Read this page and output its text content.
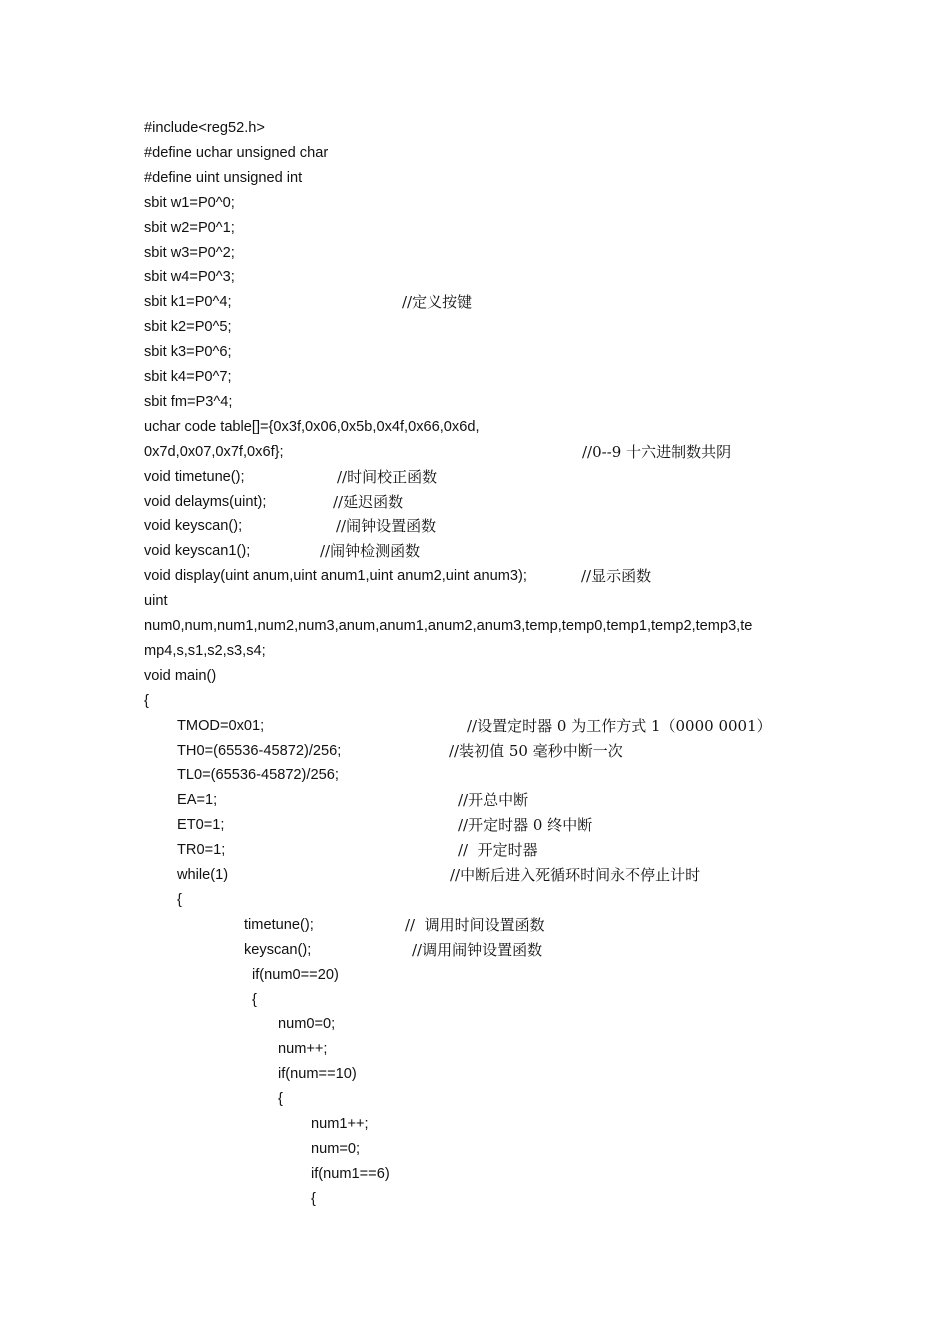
#include<reg52.h>
#define uchar unsigned char
#define uint unsigned int
sbit w1=P0^0;
sbit w2=P0^1;
sbit w3=P0^2;
sbit w4=P0^3;
sbit k1=P0^4;	//定义按键
sbit k2=P0^5;
sbit k3=P0^6;
sbit k4=P0^7;
sbit fm=P3^4;
uchar code table[]={0x3f,0x06,0x5b,0x4f,0x66,0x6d,
0x7d,0x07,0x7f,0x6f};	//0--9 十六进制数共阴
void timetune();	//时间校正函数
void delayms(uint);	//延迟函数
void keyscan();	//闹钟设置函数
void keyscan1();	//闹钟检测函数
void display(uint anum,uint anum1,uint anum2,uint anum3);	//显示函数
uint
num0,num,num1,num2,num3,anum,anum1,anum2,anum3,temp,temp0,temp1,temp2,temp3,te
mp4,s,s1,s2,s3,s4;
void main()
{
TMOD=0x01;	//设置定时器 0 为工作方式 1（0000 0001）
TH0=(65536-45872)/256;	//装初值 50 毫秒中断一次
TL0=(65536-45872)/256;
EA=1;	//开总中断
ET0=1;	//开定时器 0 终中断
TR0=1;	//  开定时器
while(1)	//中断后进入死循环时间永不停止计时
{
timetune();	//  调用时间设置函数
keyscan();	//调用闹钟设置函数
if(num0==20)
{
num0=0;
num++;
if(num==10)
{
num1++;
num=0;
if(num1==6)
{
